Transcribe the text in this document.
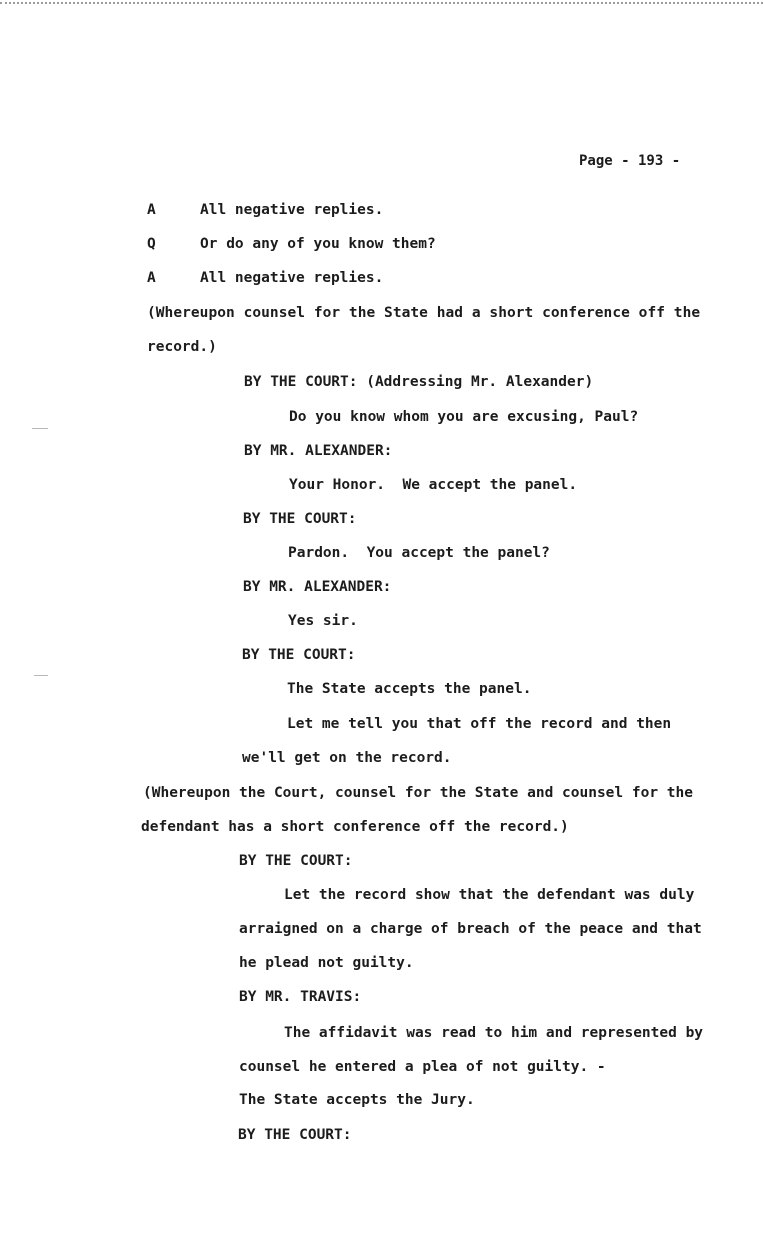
Page - 193 -
A	All negative replies.
Q	Or do any of you know them?
A	All negative replies.
(Whereupon counsel for the State had a short conference off the
record.)
BY THE COURT: (Addressing Mr. Alexander)
Do you know whom you are excusing, Paul?
BY MR. ALEXANDER:
Your Honor.  We accept the panel.
BY THE COURT:
Pardon.  You accept the panel?
BY MR. ALEXANDER:
Yes sir.
BY THE COURT:
The State accepts the panel.
Let me tell you that off the record and then
we'll get on the record.
(Whereupon the Court, counsel for the State and counsel for the
defendant has a short conference off the record.)
BY THE COURT:
Let the record show that the defendant was duly
arraigned on a charge of breach of the peace and that
he plead not guilty.
BY MR. TRAVIS:
The affidavit was read to him and represented by
counsel he entered a plea of not guilty. -
The State accepts the Jury.
BY THE COURT:
